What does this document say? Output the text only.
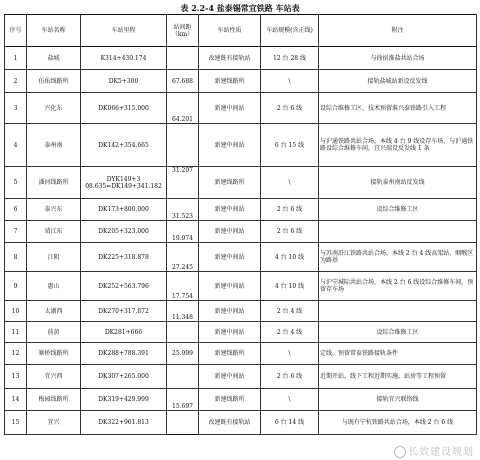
表 2.2-4 盐泰锡常宜铁路 车站表
序号	车站名称	车站里程	站间距（km）	车站性质	车站规模(含正线)	附注
1	盐城	K314+430.174		改建既有接轨站	12 台 28 线	与徐宿淮盐共站合场
2	伍佑线路所	DK5+300	67.688	新建线路所	\	接轨盐城站新设反发线
3	兴化东	DK066+315.000	64.201	新建中间站	2 台 6 线	设综合维修工区，技术预留淮兴泰铁路引入工程
4	泰州南	DK142+354.665		新建中间站	6 台 15 线	与沪通铁路共站合场，本线 4 台 9 线设存车场，与沪通铁路设综合维修车间，宜兴端设反发线 1 条
5	潘河线路所	DYK149+3 08.635=DK149+341.182	31.297	新建线路所	\	接轨泰州南站反发线
6	泰兴东	DK173+800.000	31.523	新建中间站	2 台 6 线	设综合维修工区
7	靖江东	DK205+323.000	19.974	新建中间站	2 台 6 线	
8	江阴	DK225+318.878	27.245	新建中间站	4 台 10 线	与苏南沿江铁路共站合场，本线 2 台 4 线高架站，咽喉区为路基
9	惠山	DK252+563.796	17.754	新建中间站	4 台 10 线	与沪宁城际共站合场，本线 2 台 6 线设综合维修车间，预留存车场
10	太湖西	DK270+317.872	11.348	新建中间站	2 台 4 线	
11	前黄	DK281+666		新建中间站	2 台 4 线	设综合维修工区
12	寨桥线路所	DK288+788.391	25.999	新建线路所	\	定线，预留常泰铁路接轨条件
13	宜兴西	DK307+265.000		新建中间站	2 台 6 线	近期开站，线下工程近期实施，站房等工程预留
14	梅园线路所	DK319+429.999	15.697	新建线路所	\	接轨宜兴联络线
15	宜兴	DK322+961.813		改建既有接轨站	6 台 14 线	与既有宁杭铁路共站合场，本线 2 台 6 线
长效建设规划
